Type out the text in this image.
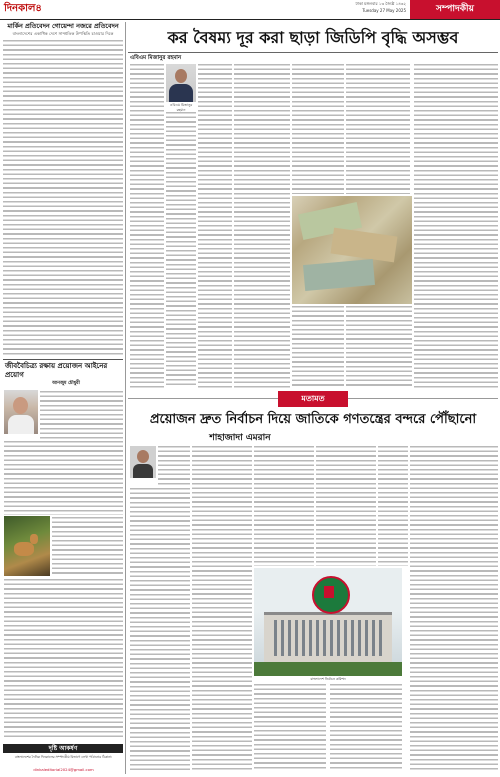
দিনকাল৪	ঢাকা মঙ্গলবার ১৩ জ্যৈষ্ঠ ১৪৩২
Tuesday 27 May 2025	সম্পাদকীয়
মার্কিন প্রতিবেদন গোয়েন্দা নজরে প্রতিবেদন
বাংলাদেশের একাধিক দেশে সাম্প্রতিক উপস্থিতি চাওয়ার দিকে
জীববৈচিত্র্য রক্ষায় প্রয়োজন আইনের প্রয়োগ
আনজুম চৌধুরী
দৃষ্টি আকর্ষণ
বাংলাদেশের দৈনিক দিনকালের সম্পাদকীয় বিভাগে লেখা পাঠানোর ঠিকানা:
dinkaleditorial2024@gmail.com
কর বৈষম্য দূর করা ছাড়া জিডিপি বৃদ্ধি অসম্ভব
এবিএম মিজানুর রহমান
এবিএম মিজানুর রহমান
মতামত
প্রয়োজন দ্রুত নির্বাচন দিয়ে জাতিকে গণতন্ত্রের বন্দরে পৌঁছানো
শাহাজাদা এমরান
বাংলাদেশ নির্বাচন কমিশন
